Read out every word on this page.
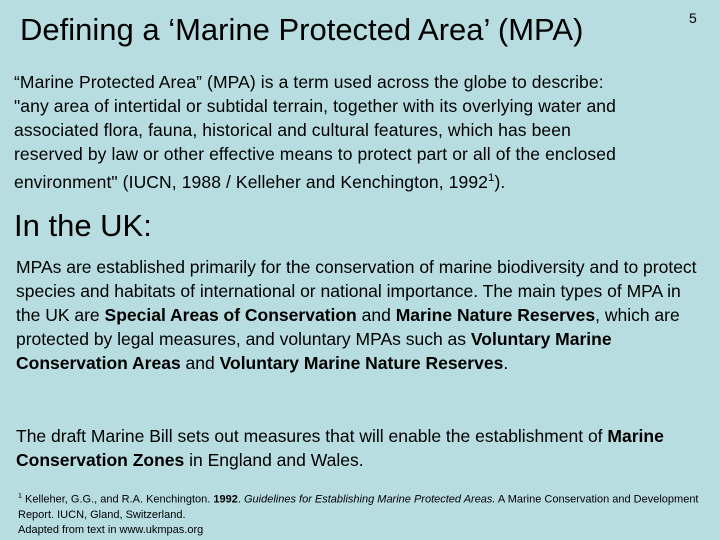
Defining a ‘Marine Protected Area’ (MPA)	5
“Marine Protected Area” (MPA) is a term used across the globe to describe:
"any area of intertidal or subtidal terrain, together with its overlying water and
associated flora, fauna, historical and cultural features, which has been
reserved by law or other effective means to protect part or all of the enclosed
environment" (IUCN, 1988 / Kelleher and Kenchington, 1992$^1$).
In the UK:
MPAs are established primarily for the conservation of marine biodiversity and to protect species and habitats of international or national importance. The main types of MPA in the UK are Special Areas of Conservation and Marine Nature Reserves, which are protected by legal measures, and voluntary MPAs such as Voluntary Marine Conservation Areas and Voluntary Marine Nature Reserves.
The draft Marine Bill sets out measures that will enable the establishment of Marine Conservation Zones in England and Wales.
$^1$ Kelleher, G.G., and R.A. Kenchington. 1992. Guidelines for Establishing Marine Protected Areas. A Marine Conservation and Development Report. IUCN, Gland, Switzerland.
Adapted from text in www.ukmpas.org
